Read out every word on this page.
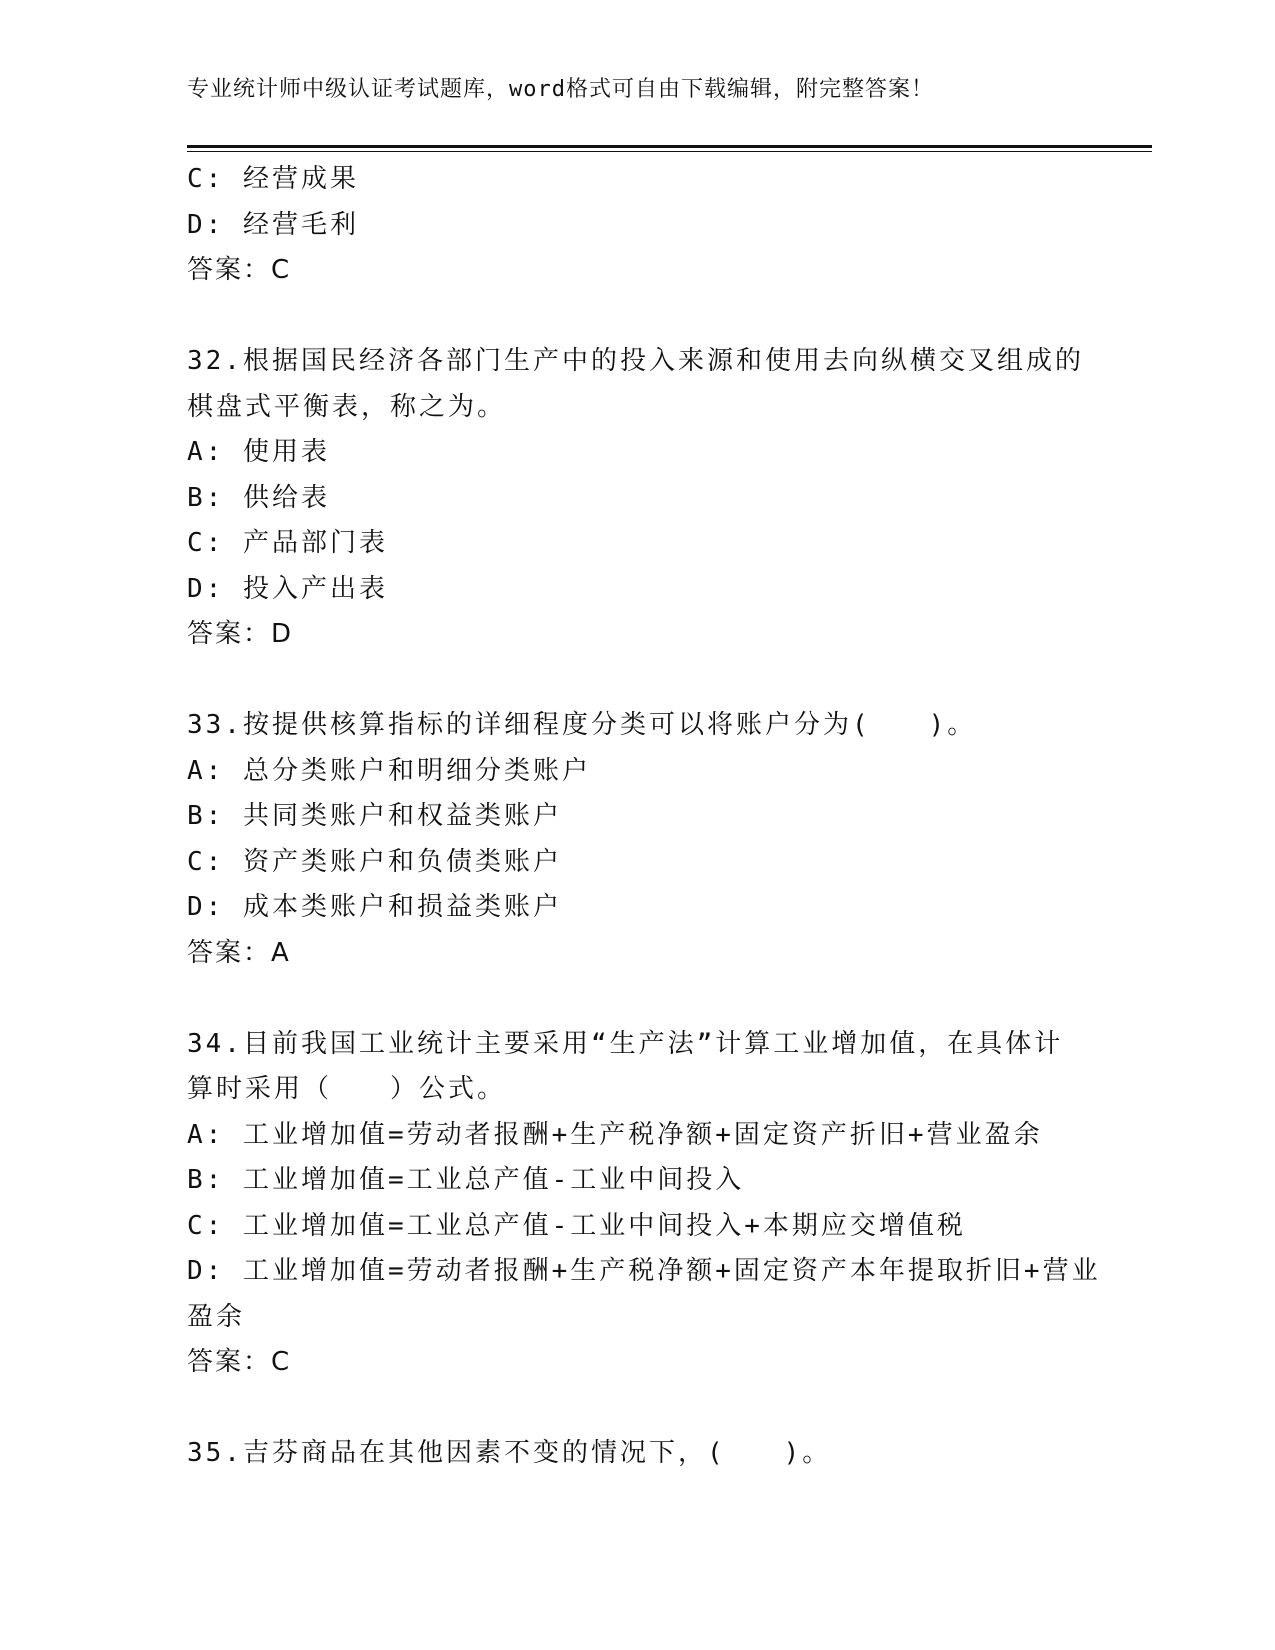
专业统计师中级认证考试题库，word格式可自由下载编辑，附完整答案！
C: 经营成果
D: 经营毛利
答案：C
32.根据国民经济各部门生产中的投入来源和使用去向纵横交叉组成的
棋盘式平衡表，称之为。
A: 使用表
B: 供给表
C: 产品部门表
D: 投入产出表
答案：D
33.按提供核算指标的详细程度分类可以将账户分为(　　)。
A: 总分类账户和明细分类账户
B: 共同类账户和权益类账户
C: 资产类账户和负债类账户
D: 成本类账户和损益类账户
答案：A
34.目前我国工业统计主要采用“生产法”计算工业增加值，在具体计
算时采用（　　）公式。
A: 工业增加值=劳动者报酬+生产税净额+固定资产折旧+营业盈余
B: 工业增加值=工业总产值-工业中间投入
C: 工业增加值=工业总产值-工业中间投入+本期应交增值税
D: 工业增加值=劳动者报酬+生产税净额+固定资产本年提取折旧+营业
盈余
答案：C
35.吉芬商品在其他因素不变的情况下，(　　)。
